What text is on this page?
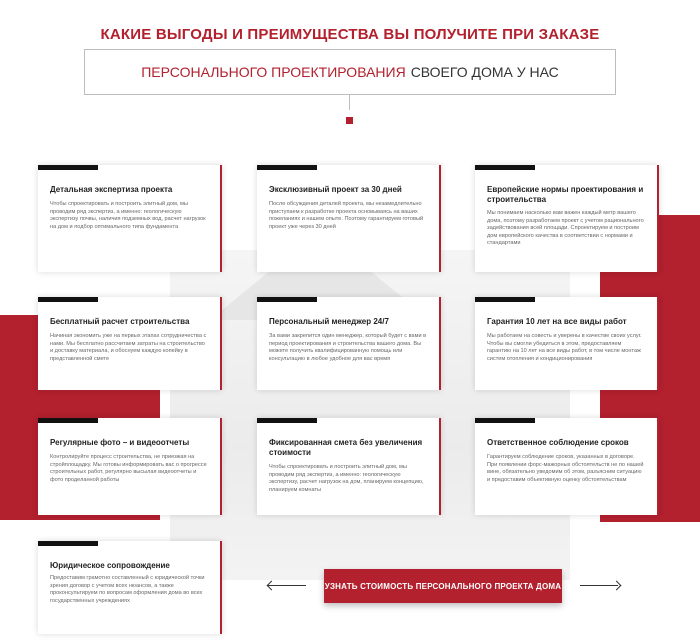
КАКИЕ ВЫГОДЫ И ПРЕИМУЩЕСТВА ВЫ ПОЛУЧИТЕ ПРИ ЗАКАЗЕ
ПЕРСОНАЛЬНОГО ПРОЕКТИРОВАНИЯ СВОЕГО ДОМА У НАС
Детальная экспертиза проекта
Чтобы спроектировать и построить элитный дом, мы проводим ряд экспертиз, а именно: геологическую экспертизу почвы, наличия подземных вод, расчет нагрузок на дом и подбор оптимального типа фундамента
Эксклюзивный проект за 30 дней
После обсуждения деталей проекта, мы незамедлительно приступаем к разработке проекта основываясь на ваших пожеланиях и нашем опыте. Поэтому гарантируем готовый проект уже через 30 дней
Европейские нормы проектирования и строительства
Мы понимаем насколько вам важен каждый метр вашего дома, поэтому разработаем проект с учетом рационального задействования всей площади. Спроектируем и построим дом европейского качества в соответствии с нормами и стандартами
Бесплатный расчет строительства
Начиная экономить уже на первых этапах сотрудничества с нами. Мы бесплатно рассчитаем затраты на строительство и доставку материала, и обоснуем каждую копейку в представленной смете
Персональный менеджер 24/7
За вами закрепится один менеджер, который будет с вами в период проектирования и строительства вашего дома. Вы можете получить квалифицированную помощь или консультацию в любое удобное для вас время
Гарантия 10 лет на все виды работ
Мы работаем на совесть и уверены в качестве своих услуг. Чтобы вы смогли убедиться в этом, предоставляем гарантию на 10 лет на все виды работ, в том числе монтаж систем отопления и кондиционирования
Регулярные фото – и видеоотчеты
Контролируйте процесс строительства, не приезжая на стройплощадку. Мы готовы информировать вас о прогрессе строительных работ, регулярно высылая видеоотчеты и фото проделанной работы
Фиксированная смета без увеличения стоимости
Чтобы спроектировать и построить элитный дом, мы проводим ряд экспертиз, а именно: геологическую экспертизу, расчет нагрузок на дом, планируем концепцию, планируем комнаты
Ответственное соблюдение сроков
Гарантируем соблюдение сроков, указанных в договоре. При появлении форс-мажорных обстоятельств не по нашей вине, обязательно уведомим об этом, разъясним ситуацию и предоставим объективную оценку обстоятельствам
Юридическое сопровождение
Предоставим грамотно составленный с юридической точки зрения договор с учетом всех нюансов, а также проконсультируем по вопросам оформления дома во всех государственных учреждениях
УЗНАТЬ СТОИМОСТЬ ПЕРСОНАЛЬНОГО ПРОЕКТА ДОМА
